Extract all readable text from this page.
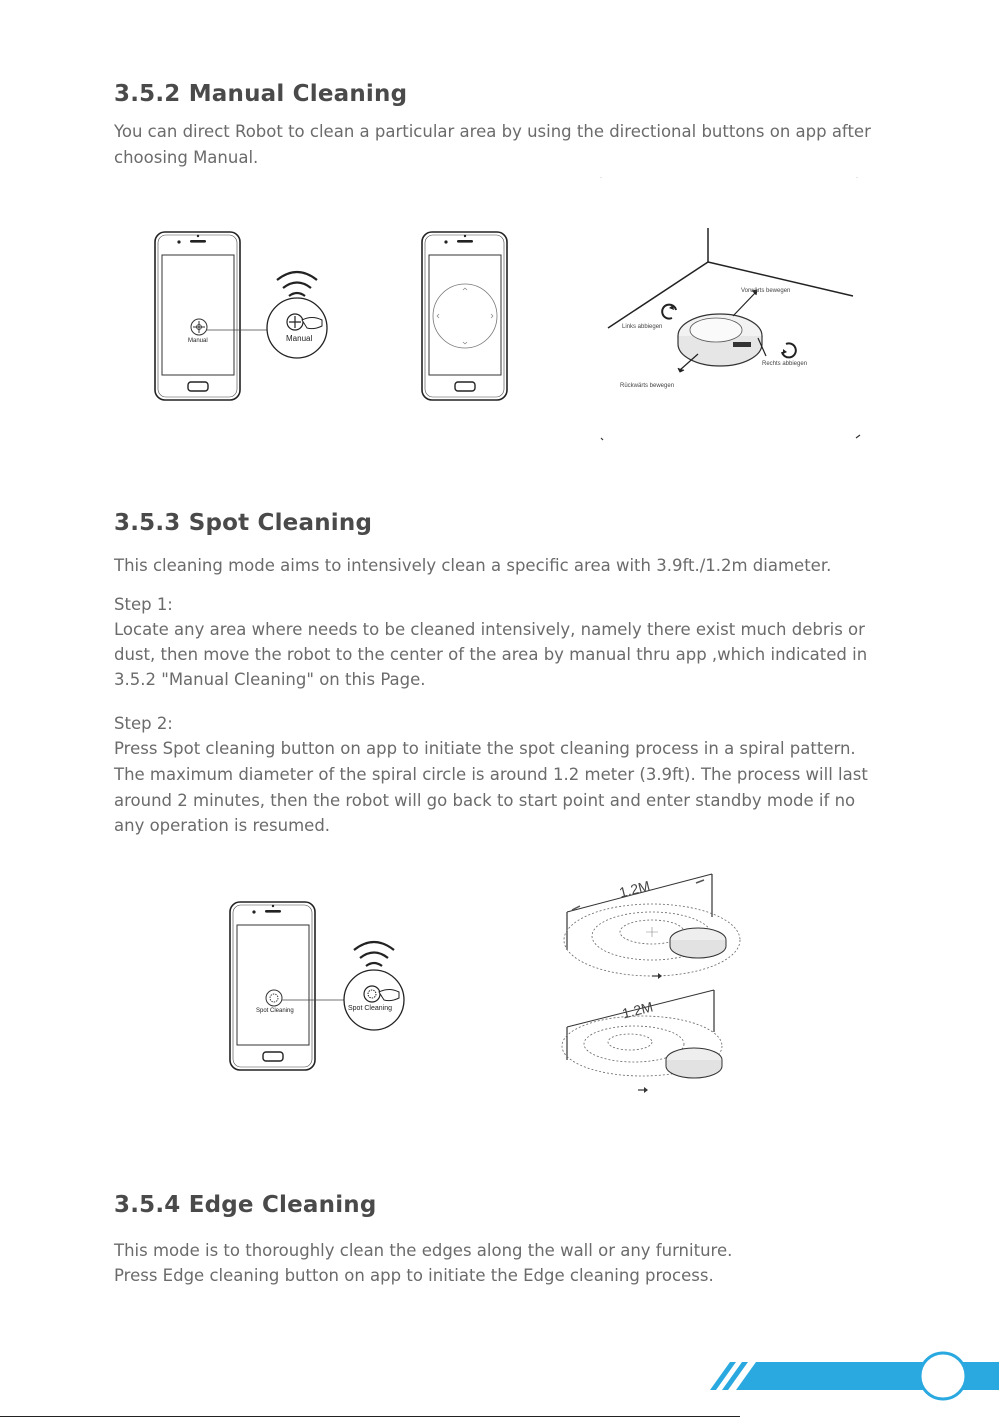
3.5.2 Manual Cleaning

You can direct Robot to clean a particular area by using the directional buttons on app after

choosing Manual.

Manual	Manual
.	.
Vorwärts bewegen
Links abbiegen
Rechts abbiegen
Rückwärts bewegen
3.5.3 Spot Cleaning

This cleaning mode aims to intensively clean a specific area with 3.9ft./1.2m diameter.

Step 1:

Locate any area where needs to be cleaned intensively, namely there exist much debris or

dust, then move the robot to the center of the area by manual thru app ,which indicated in

3.5.2 "Manual Cleaning" on this Page.

Step 2:

Press Spot cleaning button on app to initiate the spot cleaning process in a spiral pattern.

The maximum diameter of the spiral circle is around 1.2 meter (3.9ft). The process will last

around 2 minutes, then the robot will go back to start point and enter standby mode if no

any operation is resumed.

Spot Cleaning	Spot Cleaning
1.2M
1.2M
3.5.4 Edge Cleaning

This mode is to thoroughly clean the edges along the wall or any furniture.

Press Edge cleaning button on app to initiate the Edge cleaning process.
